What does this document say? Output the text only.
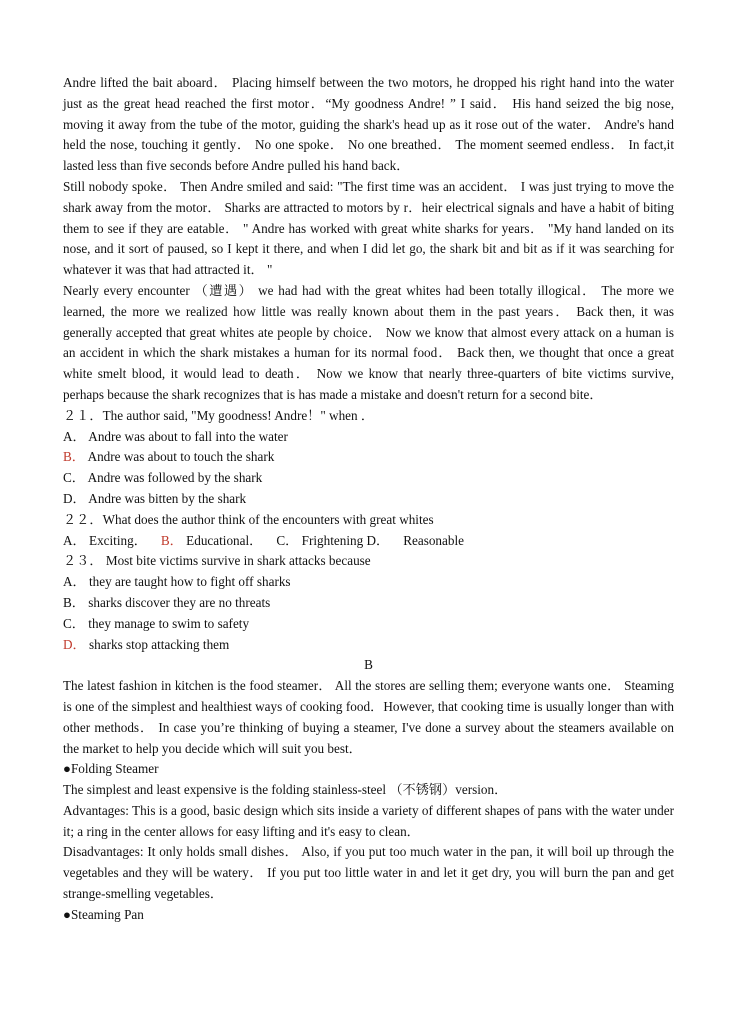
Andre lifted the bait aboard． Placing himself between the two motors, he dropped his right hand into the water just as the great head reached the first motor．“My goodness Andre! ” I said． His hand seized the big nose, moving it away from the tube of the motor, guiding the shark's head up as it rose out of the water． Andre's hand held the nose, touching it gently． No one spoke． No one breathed． The moment seemed endless． In fact,it lasted less than five seconds before Andre pulled his hand back．

Still nobody spoke． Then Andre smiled and said: "The first time was an accident． I was just trying to move the shark away from the motor． Sharks are attracted to motors by r．heir electrical signals and have a habit of biting them to see if they are eatable． " Andre has worked with great white sharks for years． "My hand landed on its nose, and it sort of paused, so I kept it there, and when I did let go, the shark bit and bit as if it was searching for whatever it was that had attracted it． "

Nearly every encounter （遭遇） we had had with the great whites had been totally illogical． The more we learned, the more we realized how little was really known about them in the past years． Back then, it was generally accepted that great whites ate people by choice． Now we know that almost every attack on a human is an accident in which the shark mistakes a human for its normal food． Back then, we thought that once a great white smelt blood, it would lead to death． Now we know that nearly three-quarters of bite victims survive, perhaps because the shark recognizes that is has made a mistake and doesn't return for a second bite．

２１．The author said, "My goodness! Andre！" when ．

A． Andre was about to fall into the water

B． Andre was about to touch the shark

C． Andre was followed by the shark

D． Andre was bitten by the shark

２２．What does the author think of the encounters with great whites

A． Exciting． B． Educational． C． Frightening D． Reasonable

２３． Most bite victims survive in shark attacks because

A． they are taught how to fight off sharks

B． sharks discover they are no threats

C． they manage to swim to safety

D． sharks stop attacking them

B

The latest fashion in kitchen is the food steamer． All the stores are selling them; everyone wants one． Steaming is one of the simplest and healthiest ways of cooking food．However, that cooking time is usually longer than with other methods． In case you’re thinking of buying a steamer, I've done a survey about the steamers available on the market to help you decide which will suit you best．

●Folding Steamer

The simplest and least expensive is the folding stainless-steel （不锈钢）version．

Advantages: This is a good, basic design which sits inside a variety of different shapes of pans with the water under it; a ring in the center allows for easy lifting and it's easy to clean．

Disadvantages: It only holds small dishes． Also, if you put too much water in the pan, it will boil up through the vegetables and they will be watery． If you put too little water in and let it get dry, you will burn the pan and get strange-smelling vegetables．

●Steaming Pan
